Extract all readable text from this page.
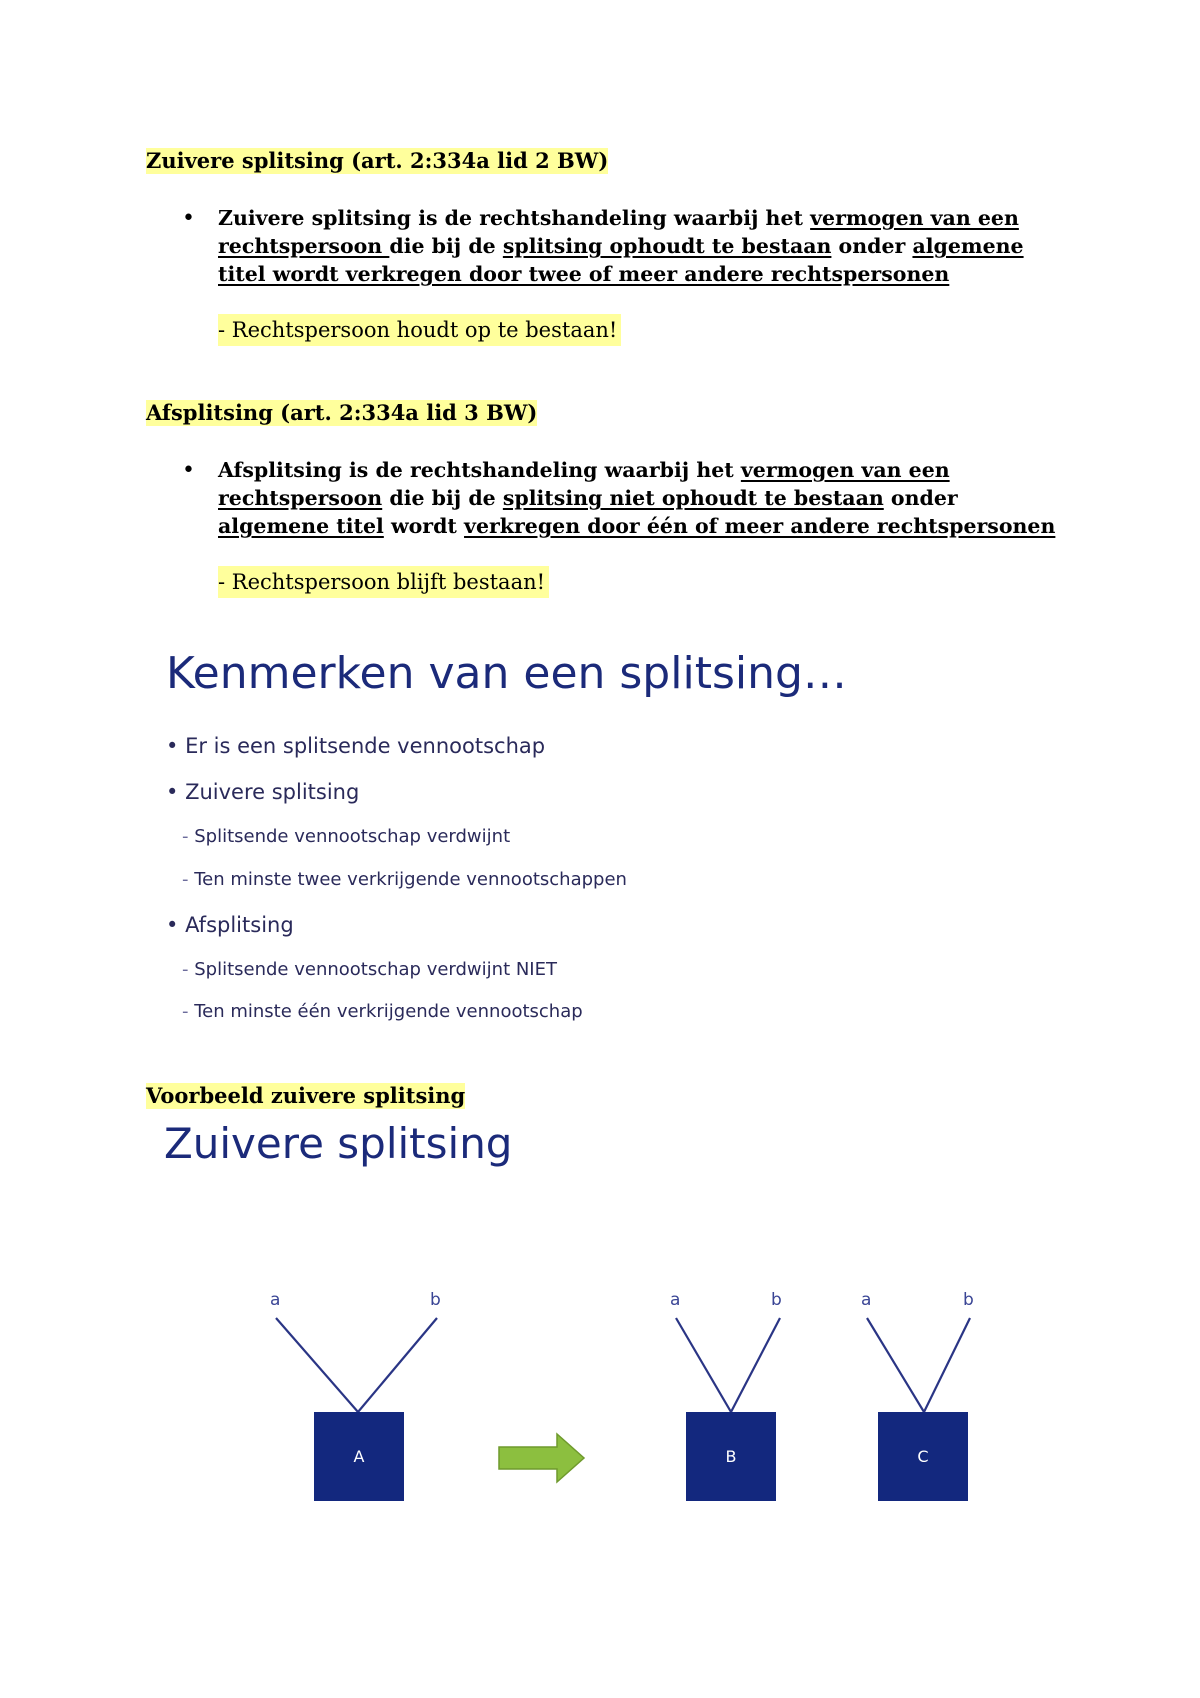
Zuivere splitsing (art. 2:334a lid 2 BW)
• Zuivere splitsing is de rechtshandeling waarbij het vermogen van een rechtspersoon die bij de splitsing ophoudt te bestaan onder algemene titel wordt verkregen door twee of meer andere rechtspersonen
- Rechtspersoon houdt op te bestaan!
Afsplitsing (art. 2:334a lid 3 BW)
• Afsplitsing is de rechtshandeling waarbij het vermogen van een rechtspersoon die bij de splitsing niet ophoudt te bestaan onder algemene titel wordt verkregen door één of meer andere rechtspersonen
- Rechtspersoon blijft bestaan!
Kenmerken van een splitsing…
• Er is een splitsende vennootschap
• Zuivere splitsing
- Splitsende vennootschap verdwijnt
- Ten minste twee verkrijgende vennootschappen
• Afsplitsing
- Splitsende vennootschap verdwijnt NIET
- Ten minste één verkrijgende vennootschap
Voorbeeld zuivere splitsing
Zuivere splitsing
a	b	a	b	a	b
A	B	C
